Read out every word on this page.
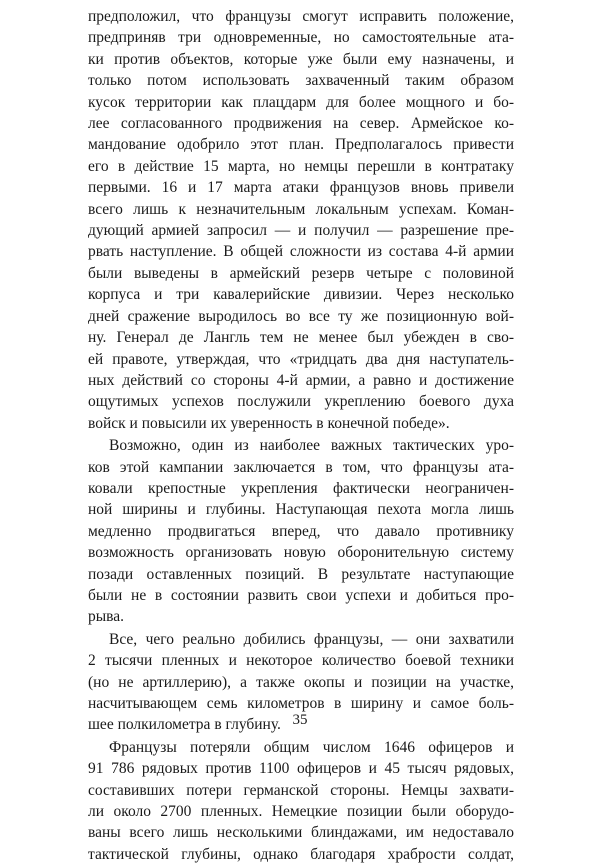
предположил, что французы смогут исправить положение,
предприняв три одновременные, но самостоятельные ата-
ки против объектов, которые уже были ему назначены, и
только потом использовать захваченный таким образом
кусок территории как плацдарм для более мощного и бо-
лее согласованного продвижения на север. Армейское ко-
мандование одобрило этот план. Предполагалось привести
его в действие 15 марта, но немцы перешли в контратаку
первыми. 16 и 17 марта атаки французов вновь привели
всего лишь к незначительным локальным успехам. Коман-
дующий армией запросил — и получил — разрешение пре-
рвать наступление. В общей сложности из состава 4-й армии
были выведены в армейский резерв четыре с половиной
корпуса и три кавалерийские дивизии. Через несколько
дней сражение выродилось во все ту же позиционную вой-
ну. Генерал де Лангль тем не менее был убежден в сво-
ей правоте, утверждая, что «тридцать два дня наступатель-
ных действий со стороны 4-й армии, а равно и достижение
ощутимых успехов послужили укреплению боевого духа
войск и повысили их уверенность в конечной победе».
Возможно, один из наиболее важных тактических уро-
ков этой кампании заключается в том, что французы ата-
ковали крепостные укрепления фактически неограничен-
ной ширины и глубины. Наступающая пехота могла лишь
медленно продвигаться вперед, что давало противнику
возможность организовать новую оборонительную систему
позади оставленных позиций. В результате наступающие
были не в состоянии развить свои успехи и добиться про-
рыва.
Все, чего реально добились французы, — они захватили
2 тысячи пленных и некоторое количество боевой техники
(но не артиллерию), а также окопы и позиции на участке,
насчитывающем семь километров в ширину и самое боль-
шее полкилометра в глубину.
Французы потеряли общим числом 1646 офицеров и
91 786 рядовых против 1100 офицеров и 45 тысяч рядовых,
составивших потери германской стороны. Немцы захвати-
ли около 2700 пленных. Немецкие позиции были оборудо-
ваны всего лишь несколькими блиндажами, им недоставало
тактической глубины, однако благодаря храбрости солдат,
35
